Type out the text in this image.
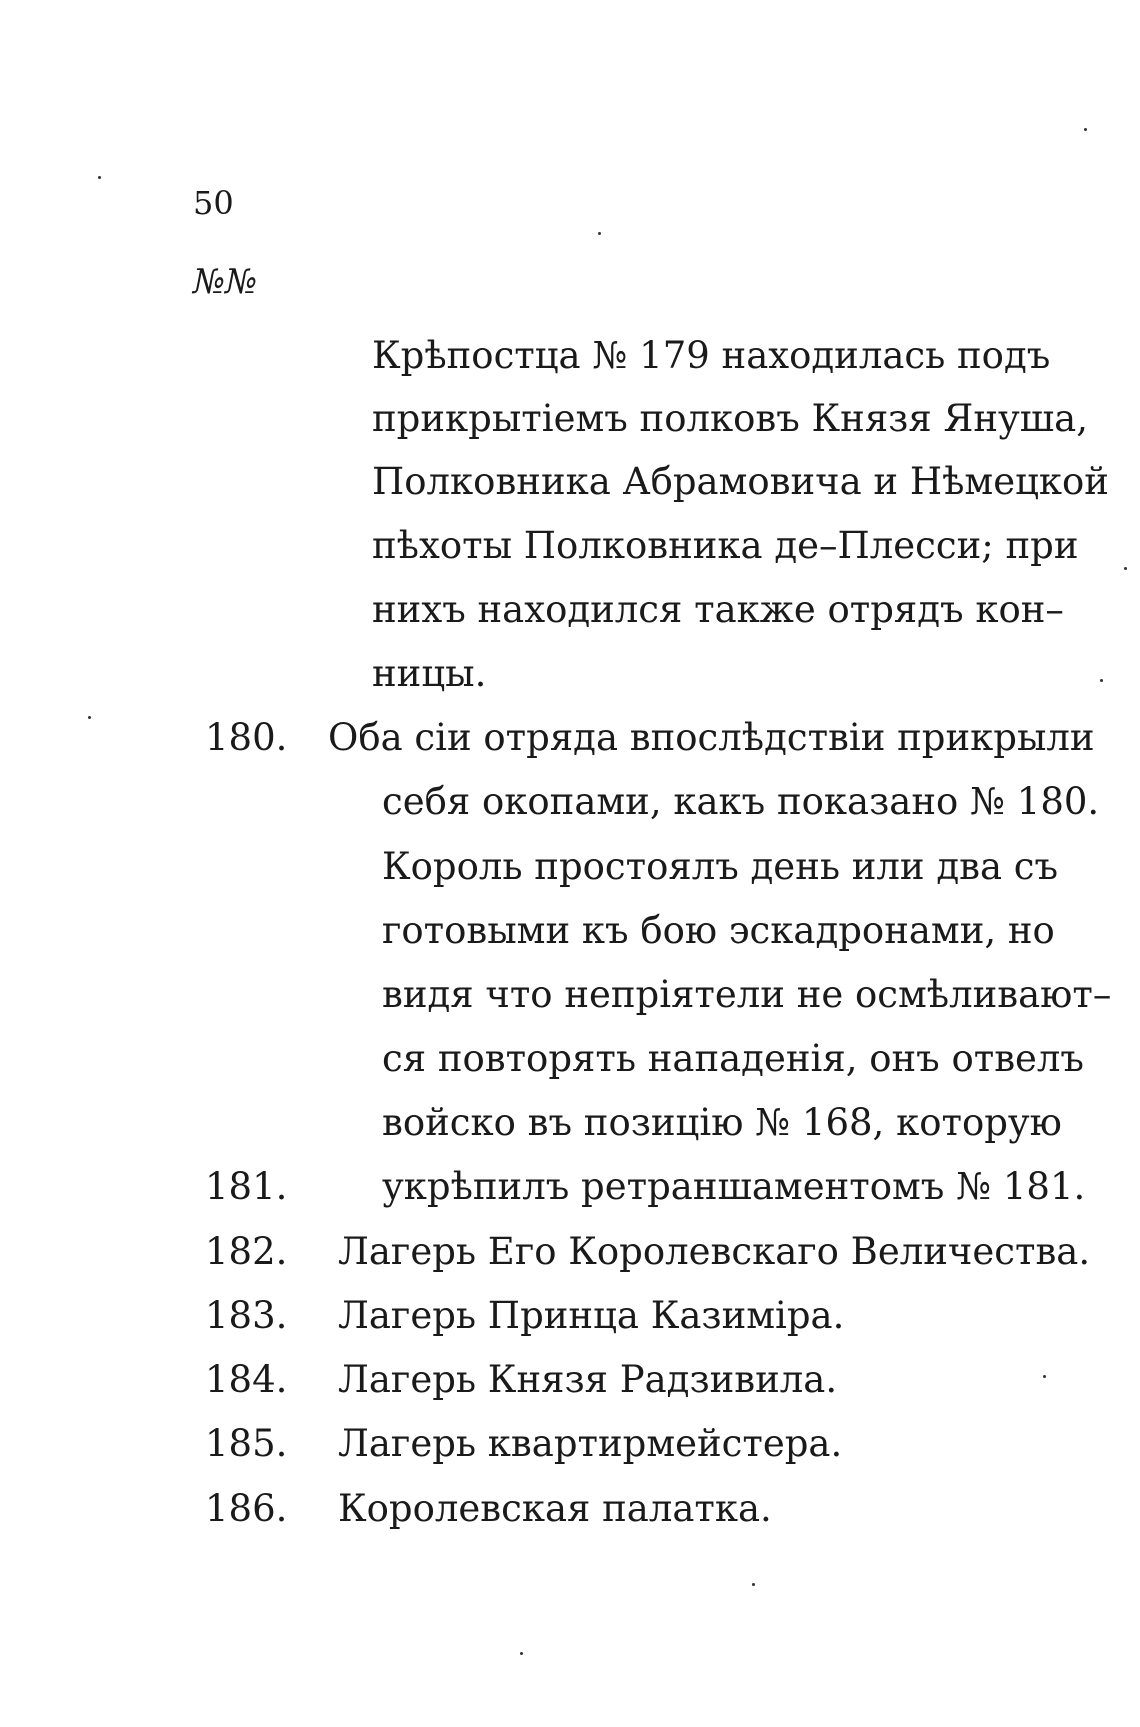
50
№№
Крѣпостца № 179 находилась подъ
прикрытіемъ полковъ Князя Януша,
Полковника Абрамовича и Нѣмецкой
пѣхоты Полковника де–Плесси; при
нихъ находился также отрядъ кон–
ницы.
180. Оба сіи отряда впослѣдствіи прикрыли
себя окопами, какъ показано № 180.
Король простоялъ день или два съ
готовыми къ бою эскадронами, но
видя что непріятели не осмѣливают–
ся повторять нападенія, онъ отвелъ
войско въ позицію № 168, которую
181.	укрѣпилъ ретраншаментомъ № 181.
182. Лагерь Его Королевскаго Величества.
183. Лагерь Принца Казиміра.
184. Лагерь Князя Радзивила.
185. Лагерь квартирмейстера.
186. Королевская палатка.
